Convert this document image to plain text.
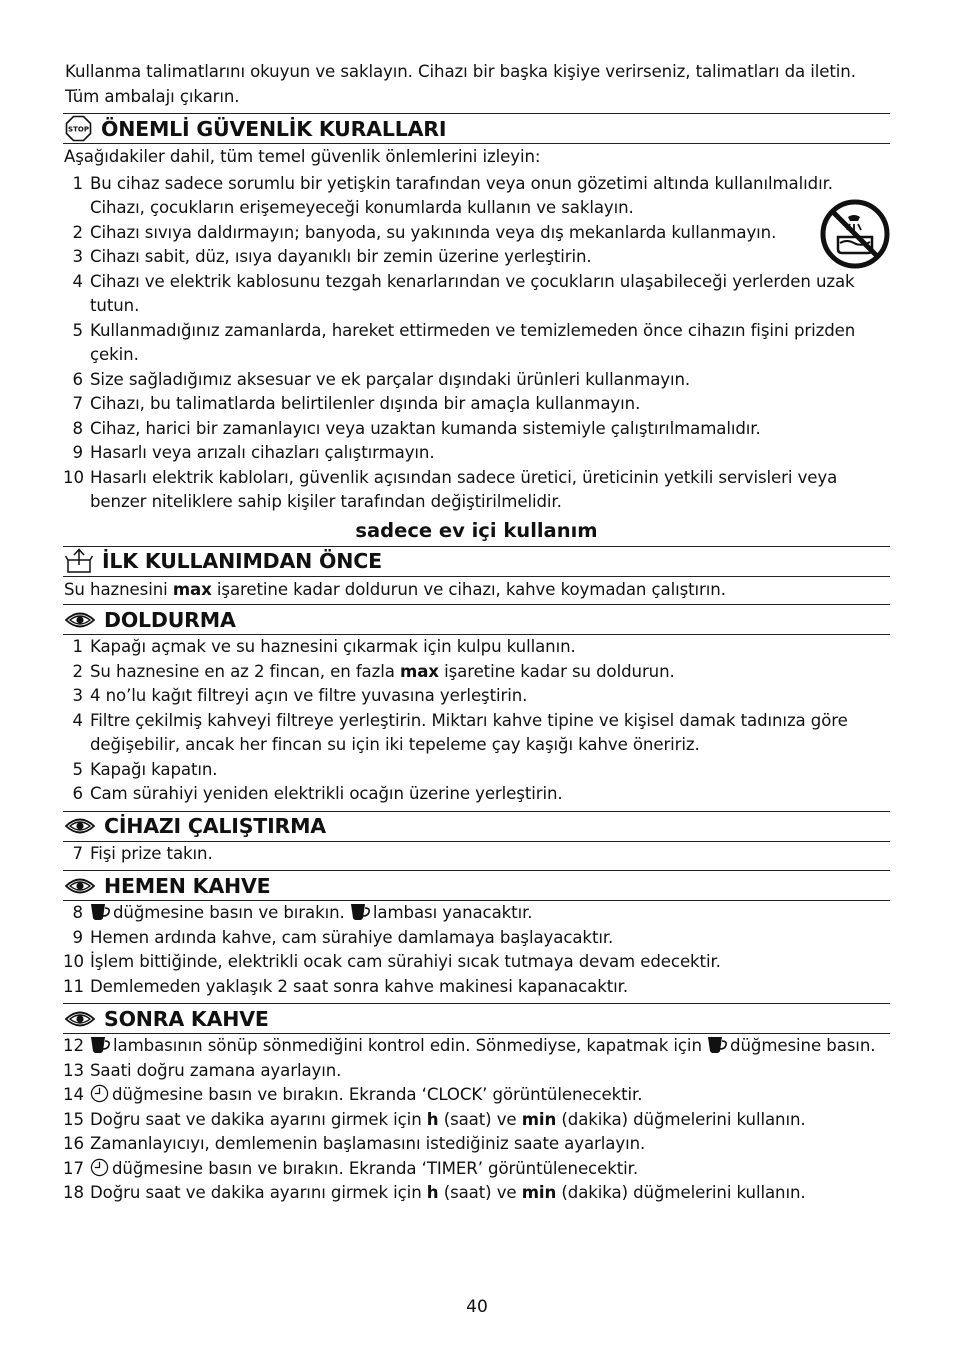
Kullanma talimatlarını okuyun ve saklayın. Cihazı bir başka kişiye verirseniz, talimatları da iletin.
Tüm ambalajı çıkarın.
STOP ÖNEMLİ GÜVENLİK KURALLARI
Aşağıdakiler dahil, tüm temel güvenlik önlemlerini izleyin:
1 Bu cihaz sadece sorumlu bir yetişkin tarafından veya onun gözetimi altında kullanılmalıdır. Cihazı, çocukların erişemeyeceği konumlarda kullanın ve saklayın.
2 Cihazı sıvıya daldırmayın; banyoda, su yakınında veya dış mekanlarda kullanmayın.
3 Cihazı sabit, düz, ısıya dayanıklı bir zemin üzerine yerleştirin.
4 Cihazı ve elektrik kablosunu tezgah kenarlarından ve çocukların ulaşabileceği yerlerden uzak tutun.
5 Kullanmadığınız zamanlarda, hareket ettirmeden ve temizlemeden önce cihazın fişini prizden çekin.
6 Size sağladığımız aksesuar ve ek parçalar dışındaki ürünleri kullanmayın.
7 Cihazı, bu talimatlarda belirtilenler dışında bir amaçla kullanmayın.
8 Cihaz, harici bir zamanlayıcı veya uzaktan kumanda sistemiyle çalıştırılmamalıdır.
9 Hasarlı veya arızalı cihazları çalıştırmayın.
10 Hasarlı elektrik kabloları, güvenlik açısından sadece üretici, üreticinin yetkili servisleri veya benzer niteliklere sahip kişiler tarafından değiştirilmelidir.
sadece ev içi kullanım
İLK KULLANIMDAN ÖNCE
Su haznesini max işaretine kadar doldurun ve cihazı, kahve koymadan çalıştırın.
DOLDURMA
1 Kapağı açmak ve su haznesini çıkarmak için kulpu kullanın.
2 Su haznesine en az 2 fincan, en fazla max işaretine kadar su doldurun.
3 4 no’lu kağıt filtreyi açın ve filtre yuvasına yerleştirin.
4 Filtre çekilmiş kahveyi filtreye yerleştirin. Miktarı kahve tipine ve kişisel damak tadınıza göre değişebilir, ancak her fincan su için iki tepeleme çay kaşığı kahve öneririz.
5 Kapağı kapatın.
6 Cam sürahiyi yeniden elektrikli ocağın üzerine yerleştirin.
CİHAZI ÇALIŞTIRMA
7 Fişi prize takın.
HEMEN KAHVE
8 düğmesine basın ve bırakın. lambası yanacaktır.
9 Hemen ardında kahve, cam sürahiye damlamaya başlayacaktır.
10 İşlem bittiğinde, elektrikli ocak cam sürahiyi sıcak tutmaya devam edecektir.
11 Demlemeden yaklaşık 2 saat sonra kahve makinesi kapanacaktır.
SONRA KAHVE
12 lambasının sönüp sönmediğini kontrol edin. Sönmediyse, kapatmak için düğmesine basın.
13 Saati doğru zamana ayarlayın.
14 düğmesine basın ve bırakın. Ekranda ‘CLOCK’ görüntülenecektir.
15 Doğru saat ve dakika ayarını girmek için h (saat) ve min (dakika) düğmelerini kullanın.
16 Zamanlayıcıyı, demlemenin başlamasını istediğiniz saate ayarlayın.
17 düğmesine basın ve bırakın. Ekranda ‘TIMER’ görüntülenecektir.
18 Doğru saat ve dakika ayarını girmek için h (saat) ve min (dakika) düğmelerini kullanın.
40
